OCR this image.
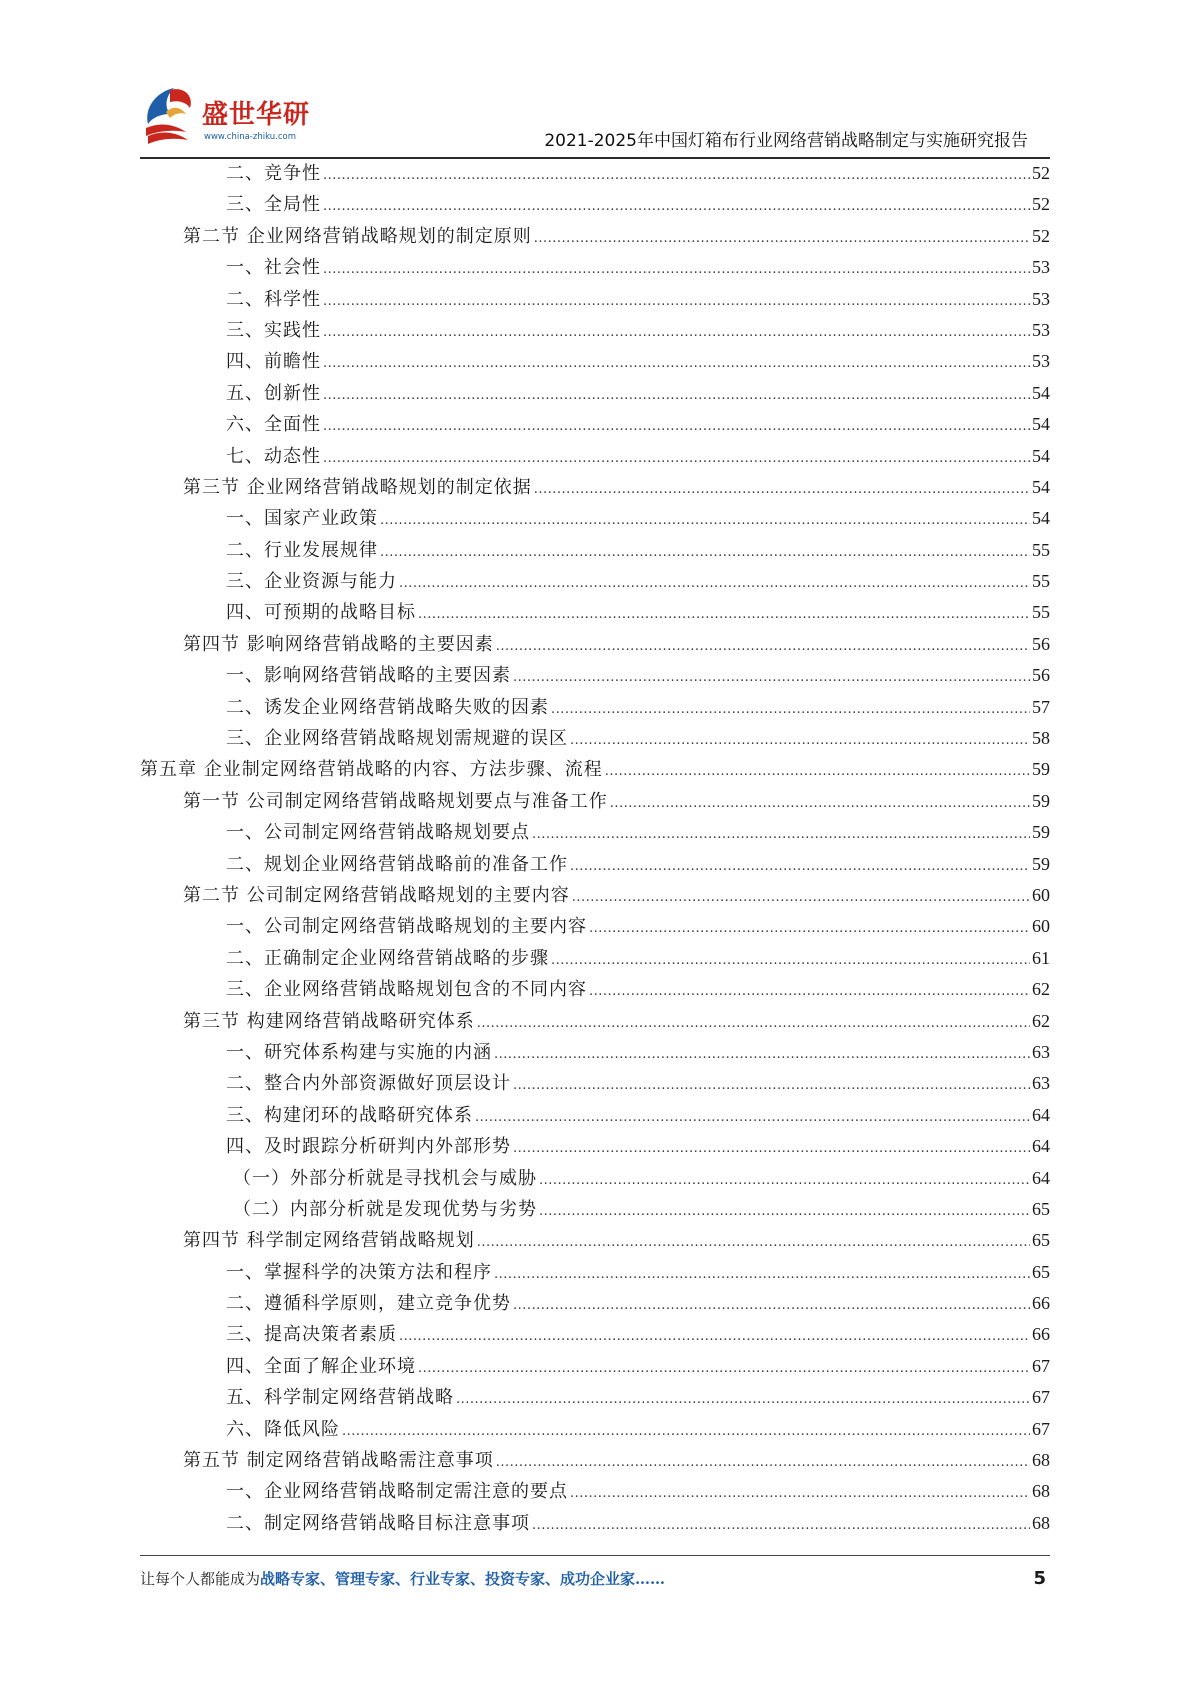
盛世华研
www.china-zhiku.com	2021-2025年中国灯箱布行业网络营销战略制定与实施研究报告
二、竞争性 .....	52
三、全局性 .....	52
第二节 企业网络营销战略规划的制定原则 .....	52
一、社会性 .....	53
二、科学性 .....	53
三、实践性 .....	53
四、前瞻性 .....	53
五、创新性 .....	54
六、全面性 .....	54
七、动态性 .....	54
第三节 企业网络营销战略规划的制定依据 .....	54
一、国家产业政策 .....	54
二、行业发展规律 .....	55
三、企业资源与能力 .....	55
四、可预期的战略目标 .....	55
第四节 影响网络营销战略的主要因素 .....	56
一、影响网络营销战略的主要因素 .....	56
二、诱发企业网络营销战略失败的因素 .....	57
三、企业网络营销战略规划需规避的误区 .....	58
第五章 企业制定网络营销战略的内容、方法步骤、流程 .....	59
第一节 公司制定网络营销战略规划要点与准备工作 .....	59
一、公司制定网络营销战略规划要点 .....	59
二、规划企业网络营销战略前的准备工作 .....	59
第二节 公司制定网络营销战略规划的主要内容 .....	60
一、公司制定网络营销战略规划的主要内容 .....	60
二、正确制定企业网络营销战略的步骤 .....	61
三、企业网络营销战略规划包含的不同内容 .....	62
第三节 构建网络营销战略研究体系 .....	62
一、研究体系构建与实施的内涵 .....	63
二、整合内外部资源做好顶层设计 .....	63
三、构建闭环的战略研究体系 .....	64
四、及时跟踪分析研判内外部形势 .....	64
（一）外部分析就是寻找机会与威胁 .....	64
（二）内部分析就是发现优势与劣势 .....	65
第四节 科学制定网络营销战略规划 .....	65
一、掌握科学的决策方法和程序 .....	65
二、遵循科学原则，建立竞争优势 .....	66
三、提高决策者素质 .....	66
四、全面了解企业环境 .....	67
五、科学制定网络营销战略 .....	67
六、降低风险 .....	67
第五节 制定网络营销战略需注意事项 .....	68
一、企业网络营销战略制定需注意的要点 .....	68
二、制定网络营销战略目标注意事项 .....	68
让每个人都能成为战略专家、管理专家、行业专家、投资专家、成功企业家……	5
